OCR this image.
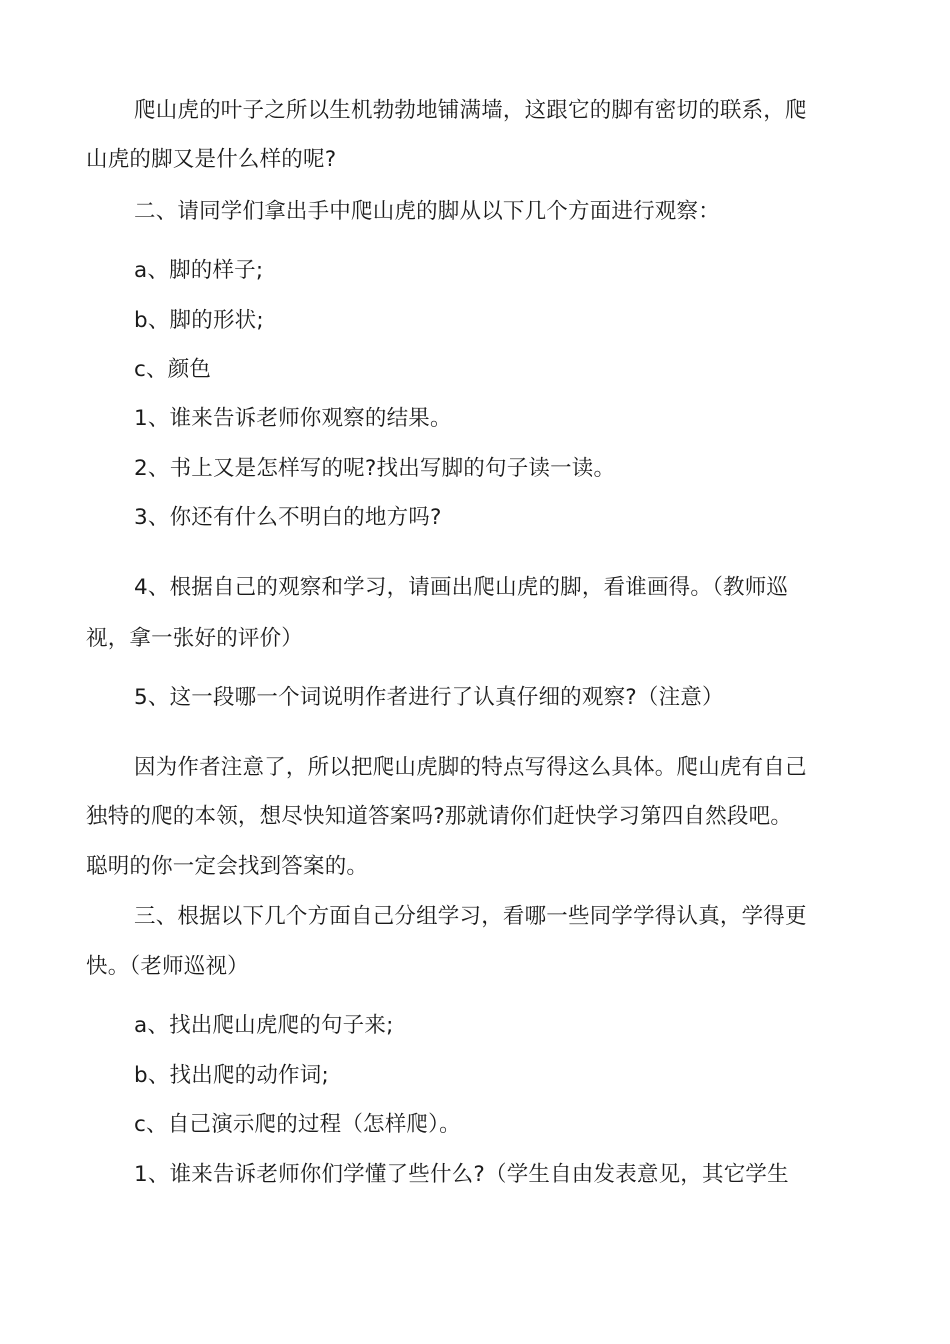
爬山虎的叶子之所以生机勃勃地铺满墙，这跟它的脚有密切的联系，爬
山虎的脚又是什么样的呢?
二、请同学们拿出手中爬山虎的脚从以下几个方面进行观察：
a、脚的样子;
b、脚的形状;
c、颜色
1、谁来告诉老师你观察的结果。
2、书上又是怎样写的呢?找出写脚的句子读一读。
3、你还有什么不明白的地方吗?
4、根据自己的观察和学习，请画出爬山虎的脚，看谁画得。（教师巡
视，拿一张好的评价）
5、这一段哪一个词说明作者进行了认真仔细的观察?（注意）
因为作者注意了，所以把爬山虎脚的特点写得这么具体。爬山虎有自己
独特的爬的本领，想尽快知道答案吗?那就请你们赶快学习第四自然段吧。
聪明的你一定会找到答案的。
三、根据以下几个方面自己分组学习，看哪一些同学学得认真，学得更
快。（老师巡视）
a、找出爬山虎爬的句子来;
b、找出爬的动作词;
c、自己演示爬的过程（怎样爬）。
1、谁来告诉老师你们学懂了些什么?（学生自由发表意见，其它学生
